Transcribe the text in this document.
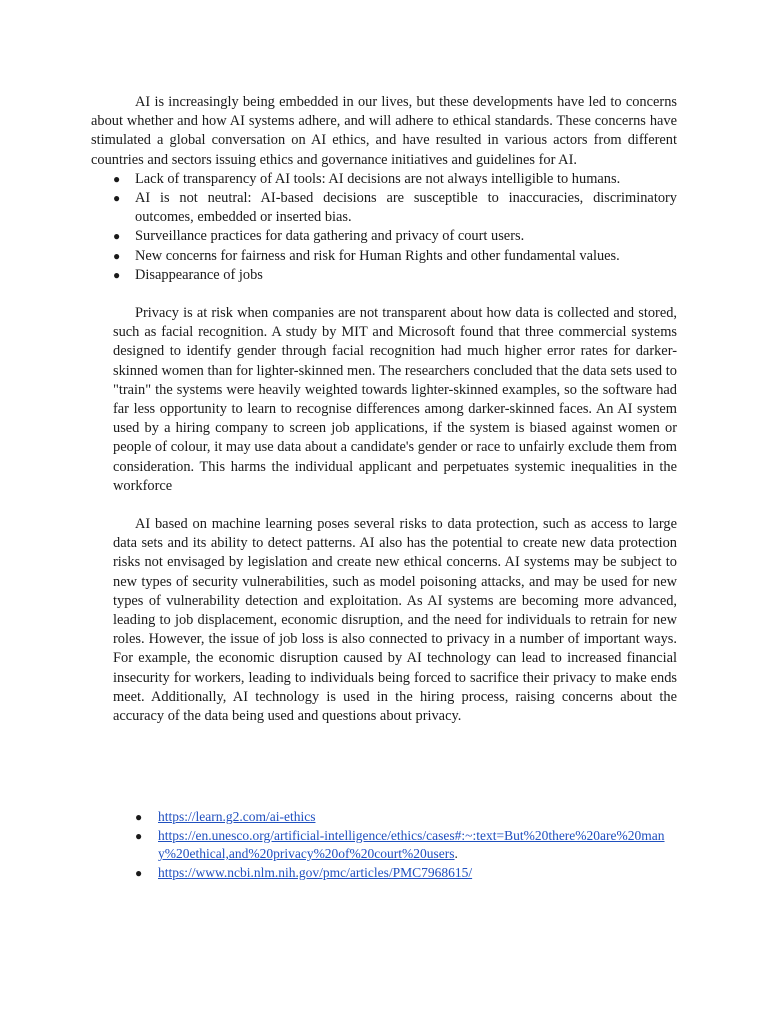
AI is increasingly being embedded in our lives, but these developments have led to concerns about whether and how AI systems adhere, and will adhere to ethical standards. These concerns have stimulated a global conversation on AI ethics, and have resulted in various actors from different countries and sectors issuing ethics and governance initiatives and guidelines for AI.

● Lack of transparency of AI tools: AI decisions are not always intelligible to humans.
● AI is not neutral: AI-based decisions are susceptible to inaccuracies, discriminatory outcomes, embedded or inserted bias.
● Surveillance practices for data gathering and privacy of court users.
● New concerns for fairness and risk for Human Rights and other fundamental values.
● Disappearance of jobs

Privacy is at risk when companies are not transparent about how data is collected and stored, such as facial recognition. A study by MIT and Microsoft found that three commercial systems designed to identify gender through facial recognition had much higher error rates for darker-skinned women than for lighter-skinned men. The researchers concluded that the data sets used to "train" the systems were heavily weighted towards lighter-skinned examples, so the software had far less opportunity to learn to recognise differences among darker-skinned faces. An AI system used by a hiring company to screen job applications, if the system is biased against women or people of colour, it may use data about a candidate's gender or race to unfairly exclude them from consideration. This harms the individual applicant and perpetuates systemic inequalities in the workforce

AI based on machine learning poses several risks to data protection, such as access to large data sets and its ability to detect patterns. AI also has the potential to create new data protection risks not envisaged by legislation and create new ethical concerns. AI systems may be subject to new types of security vulnerabilities, such as model poisoning attacks, and may be used for new types of vulnerability detection and exploitation. As AI systems are becoming more advanced, leading to job displacement, economic disruption, and the need for individuals to retrain for new roles. However, the issue of job loss is also connected to privacy in a number of important ways. For example, the economic disruption caused by AI technology can lead to increased financial insecurity for workers, leading to individuals being forced to sacrifice their privacy to make ends meet. Additionally, AI technology is used in the hiring process, raising concerns about the accuracy of the data being used and questions about privacy.

● https://learn.g2.com/ai-ethics
● https://en.unesco.org/artificial-intelligence/ethics/cases#:~:text=But%20there%20are%20many%20ethical,and%20privacy%20of%20court%20users.
● https://www.ncbi.nlm.nih.gov/pmc/articles/PMC7968615/
